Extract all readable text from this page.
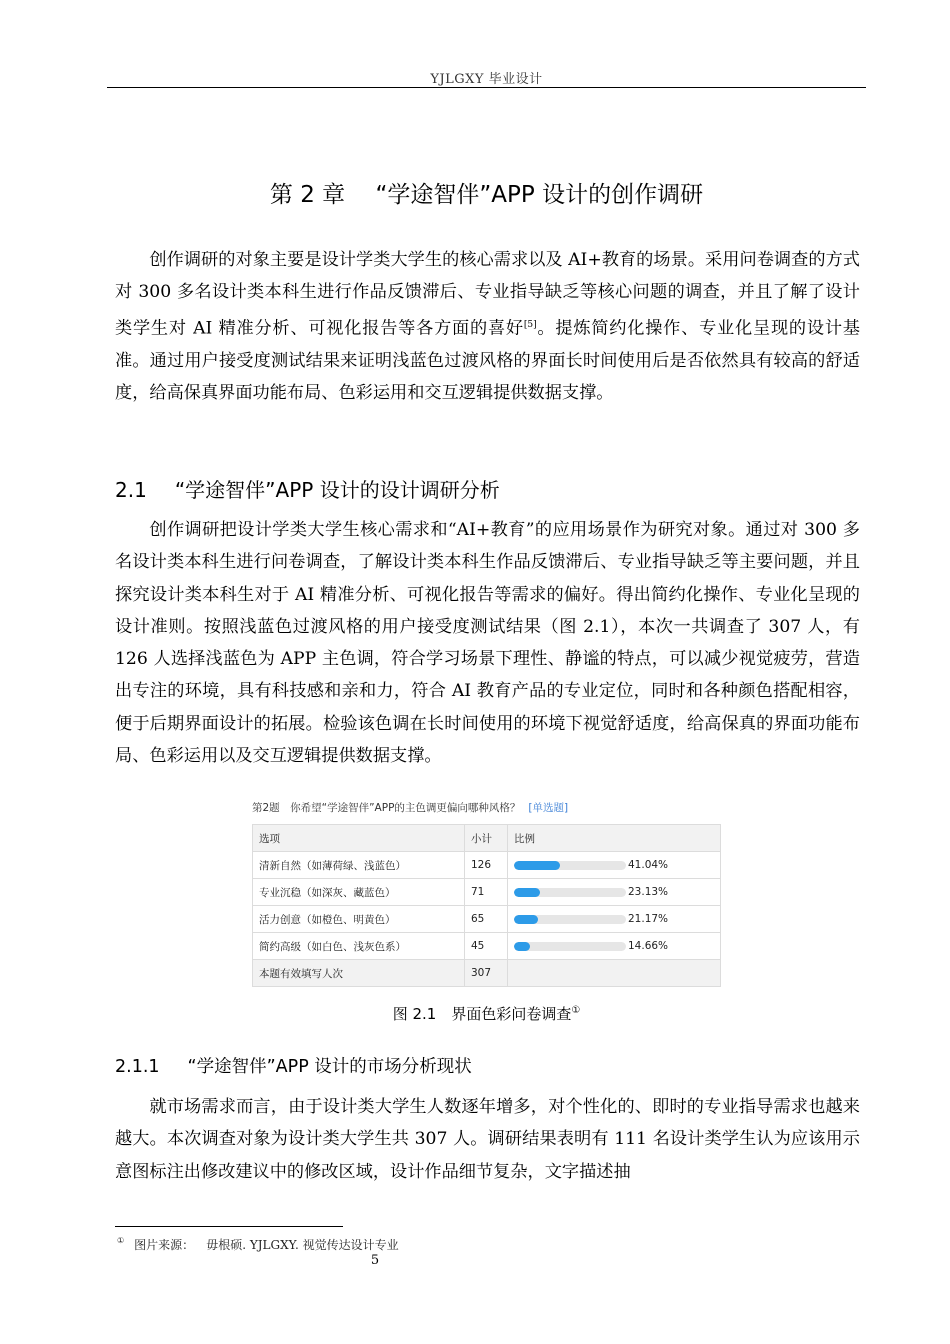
YJLGXY 毕业设计
第 2 章　 “学途智伴”APP 设计的创作调研

创作调研的对象主要是设计学类大学生的核心需求以及 AI+教育的场景。采用问卷调查的方式对 300 多名设计类本科生进行作品反馈滞后、专业指导缺乏等核心问题的调查，并且了解了设计类学生对 AI 精准分析、可视化报告等各方面的喜好[5]。提炼简约化操作、专业化呈现的设计基准。通过用户接受度测试结果来证明浅蓝色过渡风格的界面长时间使用后是否依然具有较高的舒适度，给高保真界面功能布局、色彩运用和交互逻辑提供数据支撑。

2.1 “学途智伴”APP 设计的设计调研分析

创作调研把设计学类大学生核心需求和“AI+教育”的应用场景作为研究对象。通过对 300 多名设计类本科生进行问卷调查，了解设计类本科生作品反馈滞后、专业指导缺乏等主要问题，并且探究设计类本科生对于 AI 精准分析、可视化报告等需求的偏好。得出简约化操作、专业化呈现的设计准则。按照浅蓝色过渡风格的用户接受度测试结果（图 2.1），本次一共调查了 307 人，有 126 人选择浅蓝色为 APP 主色调，符合学习场景下理性、静谧的特点，可以减少视觉疲劳，营造出专注的环境，具有科技感和亲和力，符合 AI 教育产品的专业定位，同时和各种颜色搭配相容，便于后期界面设计的拓展。检验该色调在长时间使用的环境下视觉舒适度，给高保真的界面功能布局、色彩运用以及交互逻辑提供数据支撑。

第2题　你希望“学途智伴”APP的主色调更偏向哪种风格？ [单选题]
选项	小计	比例
清新自然（如薄荷绿、浅蓝色）	126	41.04%
专业沉稳（如深灰、藏蓝色）	71	23.13%
活力创意（如橙色、明黄色）	65	21.17%
简约高级（如白色、浅灰色系）	45	14.66%
本题有效填写人次	307	
图 2.1　界面色彩问卷调查①
2.1.1 “学途智伴”APP 设计的市场分析现状

就市场需求而言，由于设计类大学生人数逐年增多，对个性化的、即时的专业指导需求也越来越大。本次调查对象为设计类大学生共 307 人。调研结果表明有 111 名设计类学生认为应该用示意图标注出修改建议中的修改区域，设计作品细节复杂，文字描述抽

① 图片来源： 毋根硕. YJLGXY. 视觉传达设计专业
5
